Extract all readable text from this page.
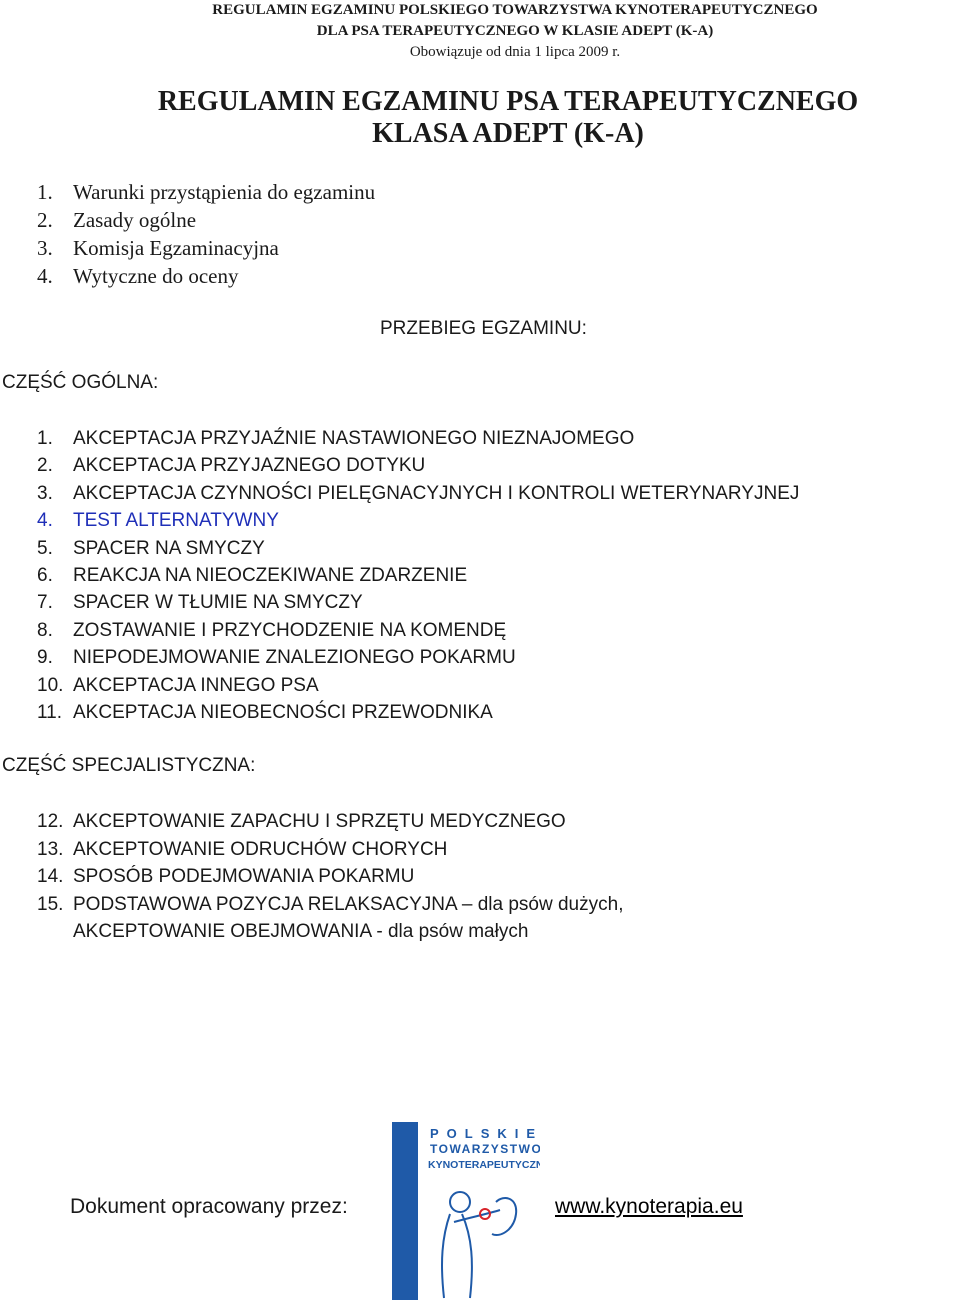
REGULAMIN EGZAMINU POLSKIEGO TOWARZYSTWA KYNOTERAPEUTYCZNEGO
DLA PSA TERAPEUTYCZNEGO W KLASIE ADEPT (K-A)
Obowiązuje od dnia 1 lipca 2009 r.
REGULAMIN EGZAMINU PSA TERAPEUTYCZNEGO
KLASA ADEPT (K-A)
1. Warunki przystąpienia do egzaminu
2. Zasady ogólne
3. Komisja Egzaminacyjna
4. Wytyczne do oceny
PRZEBIEG EGZAMINU:
CZĘŚĆ OGÓLNA:
1.	AKCEPTACJA PRZYJAŹNIE NASTAWIONEGO NIEZNAJOMEGO
2.	AKCEPTACJA PRZYJAZNEGO DOTYKU
3.	AKCEPTACJA CZYNNOŚCI PIELĘGNACYJNYCH I KONTROLI WETERYNARYJNEJ
4.	TEST ALTERNATYWNY
5.	SPACER NA SMYCZY
6.	REAKCJA NA NIEOCZEKIWANE ZDARZENIE
7.	SPACER W TŁUMIE NA SMYCZY
8.	ZOSTAWANIE I PRZYCHODZENIE NA KOMENDĘ
9.	NIEPODEJMOWANIE ZNALEZIONEGO POKARMU
10. AKCEPTACJA INNEGO PSA
11. AKCEPTACJA NIEOBECNOŚCI PRZEWODNIKA
CZĘŚĆ SPECJALISTYCZNA:
12. AKCEPTOWANIE ZAPACHU I SPRZĘTU MEDYCZNEGO
13. AKCEPTOWANIE ODRUCHÓW CHORYCH
14. SPOSÓB PODEJMOWANIA POKARMU
15. PODSTAWOWA POZYCJA RELAKSACYJNA – dla psów dużych,
AKCEPTOWANIE OBEJMOWANIA - dla psów małych
Dokument opracowany przez:
POLSKIE
TOWARZYSTWO
KYNOTERAPEUTYCZNE
www.kynoterapia.eu
